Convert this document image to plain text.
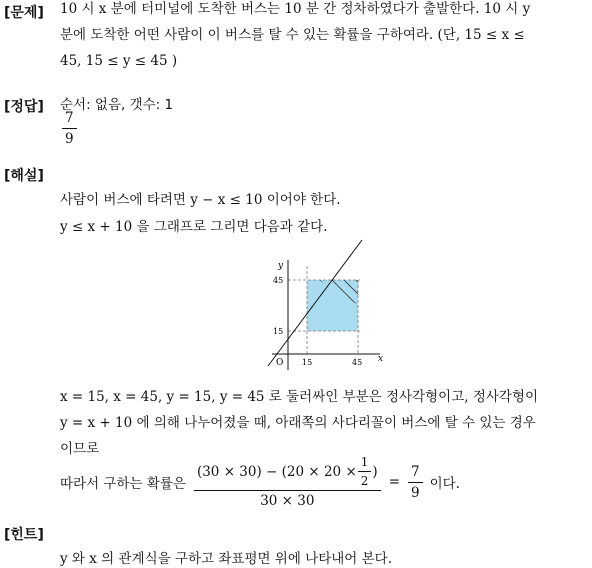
[문제]
[정답]
[해설]
[힌트]
10 시 x 분에 터미널에 도착한 버스는 10 분 간 정차하였다가 출발한다. 10 시 y
분에 도착한 어떤 사람이 이 버스를 탈 수 있는 확률을 구하여라. (단, 15 ≤ x ≤
45, 15 ≤ y ≤ 45 )
순서: 없음, 갯수: 1
$\frac{7}{9}$
사람이 버스에 타려면 y − x ≤ 10 이어야 한다.
y ≤ x + 10 을 그래프로 그리면 다음과 같다.
y
x
O
45
15
15	45
x = 15, x = 45, y = 15, y = 45 로 둘러싸인 부분은 정사각형이고, 정사각형이
y = x + 10 에 의해 나누어졌을 때, 아래쪽의 사다리꼴이 버스에 탈 수 있는 경우
이므로
따라서 구하는 확률은
$(30 \times 30) - (20 \times 20 \times \frac{1}{2}$ )
30 × 30
= $\frac{7}{9}$ 이다.
y 와 x 의 관계식을 구하고 좌표평면 위에 나타내어 본다.
